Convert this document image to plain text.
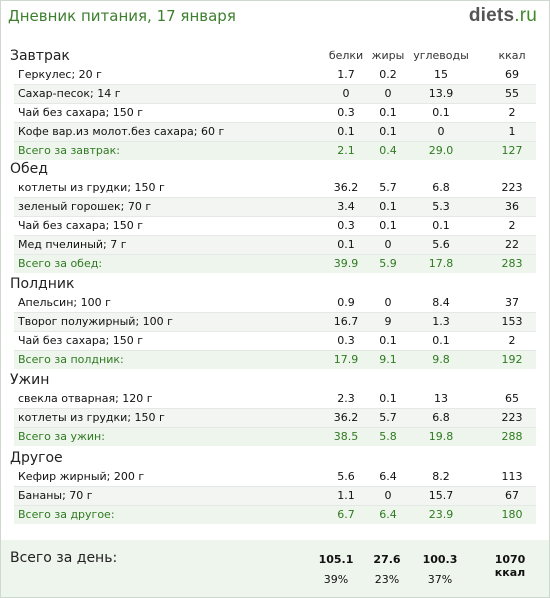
Дневник питания, 17 января	diets.ru
белки жиры углеводы	ккал
Завтрак
Геркулес; 20 г	1.7	0.2	15	69
Сахар-песок; 14 г	0	0	13.9	55
Чай без сахара; 150 г	0.3	0.1	0.1	2
Кофе вар.из молот.без сахара; 60 г	0.1	0.1	0	1
Всего за завтрак:	2.1	0.4	29.0	127
Обед
котлеты из грудки; 150 г	36.2	5.7	6.8	223
зеленый горошек; 70 г	3.4	0.1	5.3	36
Чай без сахара; 150 г	0.3	0.1	0.1	2
Мед пчелиный; 7 г	0.1	0	5.6	22
Всего за обед:	39.9	5.9	17.8	283
Полдник
Апельсин; 100 г	0.9	0	8.4	37
Творог полужирный; 100 г	16.7	9	1.3	153
Чай без сахара; 150 г	0.3	0.1	0.1	2
Всего за полдник:	17.9	9.1	9.8	192
Ужин
свекла отварная; 120 г	2.3	0.1	13	65
котлеты из грудки; 150 г	36.2	5.7	6.8	223
Всего за ужин:	38.5	5.8	19.8	288
Другое
Кефир жирный; 200 г	5.6	6.4	8.2	113
Бананы; 70 г	1.1	0	15.7	67
Всего за другое:	6.7	6.4	23.9	180
Всего за день:	105.1	27.6	100.3	1070 ккал
39%	23%	37%
